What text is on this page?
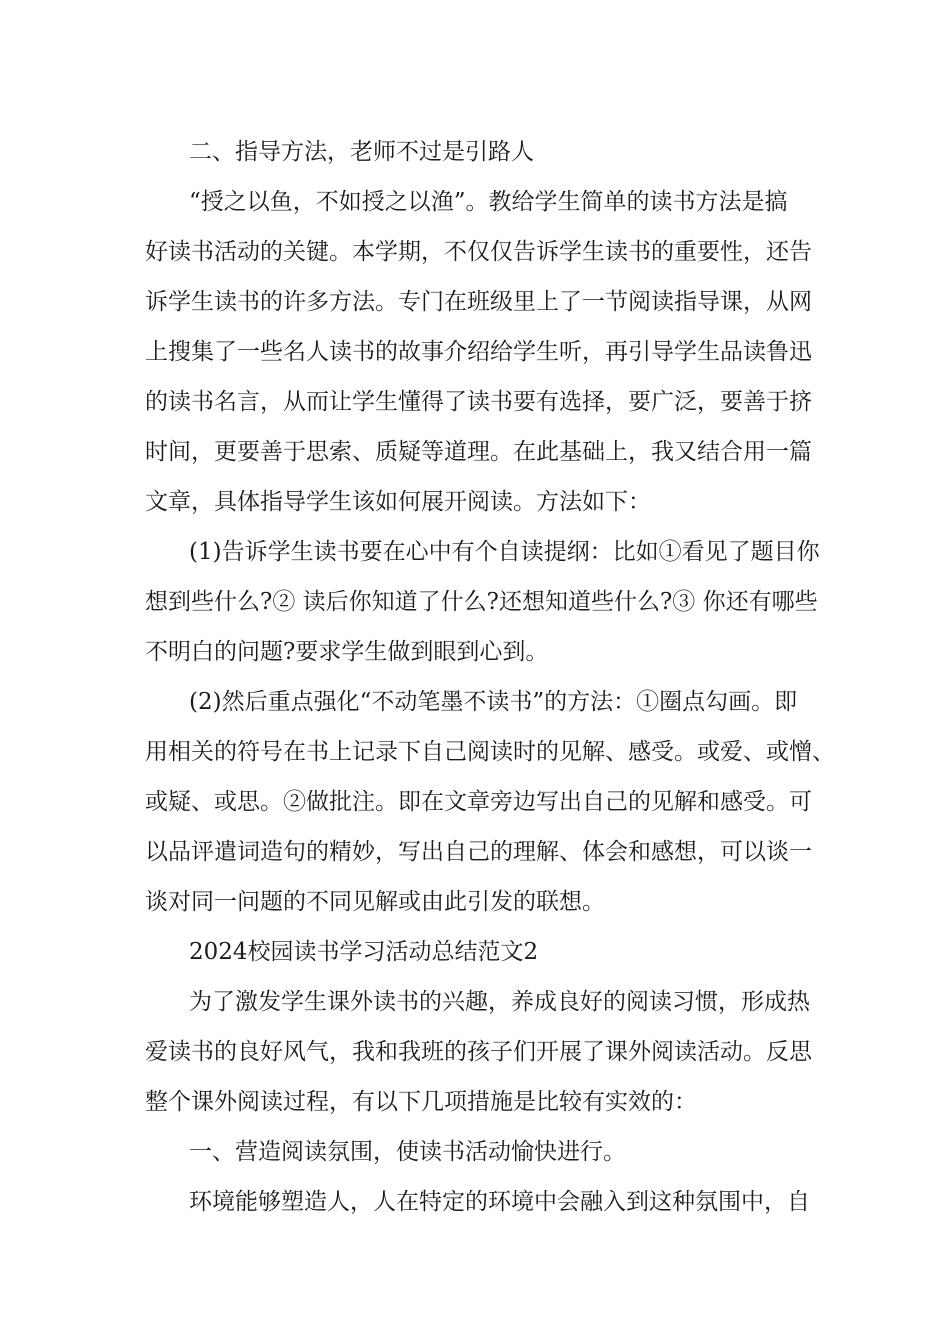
二、指导方法，老师不过是引路人
“授之以鱼，不如授之以渔”。教给学生简单的读书方法是搞
好读书活动的关键。本学期，不仅仅告诉学生读书的重要性，还告
诉学生读书的许多方法。专门在班级里上了一节阅读指导课，从网
上搜集了一些名人读书的故事介绍给学生听，再引导学生品读鲁迅
的读书名言，从而让学生懂得了读书要有选择，要广泛，要善于挤
时间，更要善于思索、质疑等道理。在此基础上，我又结合用一篇
文章，具体指导学生该如何展开阅读。方法如下：
(1)告诉学生读书要在心中有个自读提纲：比如①看见了题目你
想到些什么?② 读后你知道了什么?还想知道些什么?③ 你还有哪些
不明白的问题?要求学生做到眼到心到。
(2)然后重点强化“不动笔墨不读书”的方法：①圈点勾画。即
用相关的符号在书上记录下自己阅读时的见解、感受。或爱、或憎、
或疑、或思。②做批注。即在文章旁边写出自己的见解和感受。可
以品评遣词造句的精妙，写出自己的理解、体会和感想，可以谈一
谈对同一问题的不同见解或由此引发的联想。
2024校园读书学习活动总结范文2
为了激发学生课外读书的兴趣，养成良好的阅读习惯，形成热
爱读书的良好风气，我和我班的孩子们开展了课外阅读活动。反思
整个课外阅读过程，有以下几项措施是比较有实效的：
一、营造阅读氛围，使读书活动愉快进行。
环境能够塑造人，人在特定的环境中会融入到这种氛围中，自
